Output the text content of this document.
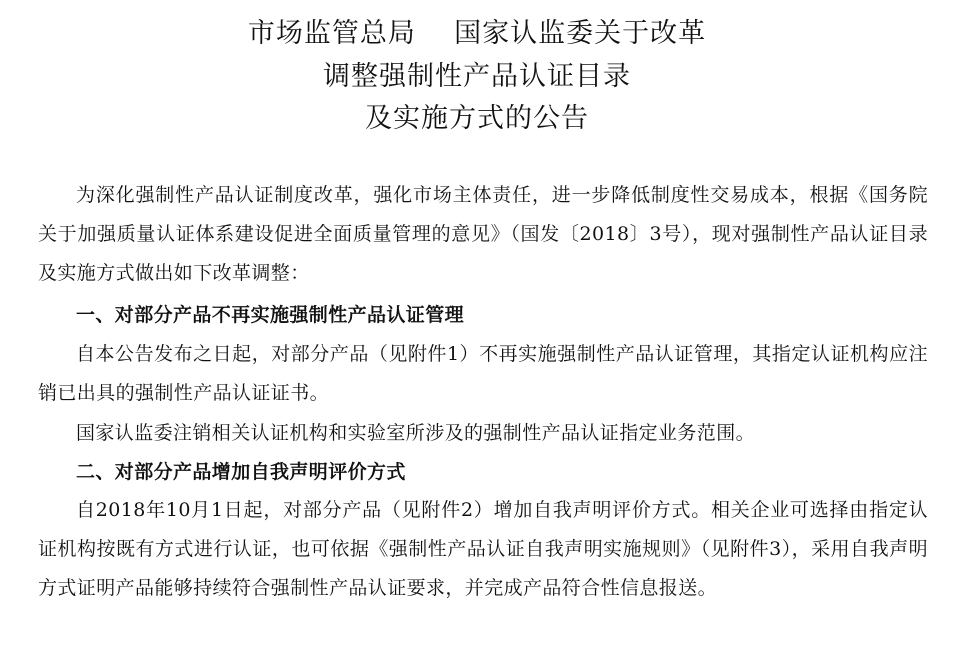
市场监管总局    国家认监委关于改革
调整强制性产品认证目录
及实施方式的公告

为深化强制性产品认证制度改革，强化市场主体责任，进一步降低制度性交易成本，根据《国务院关于加强质量认证体系建设促进全面质量管理的意见》（国发〔2018〕3号），现对强制性产品认证目录及实施方式做出如下改革调整：

一、对部分产品不再实施强制性产品认证管理

自本公告发布之日起，对部分产品（见附件1）不再实施强制性产品认证管理，其指定认证机构应注销已出具的强制性产品认证证书。

国家认监委注销相关认证机构和实验室所涉及的强制性产品认证指定业务范围。

二、对部分产品增加自我声明评价方式

自2018年10月1日起，对部分产品（见附件2）增加自我声明评价方式。相关企业可选择由指定认证机构按既有方式进行认证，也可依据《强制性产品认证自我声明实施规则》（见附件3），采用自我声明方式证明产品能够持续符合强制性产品认证要求，并完成产品符合性信息报送。
